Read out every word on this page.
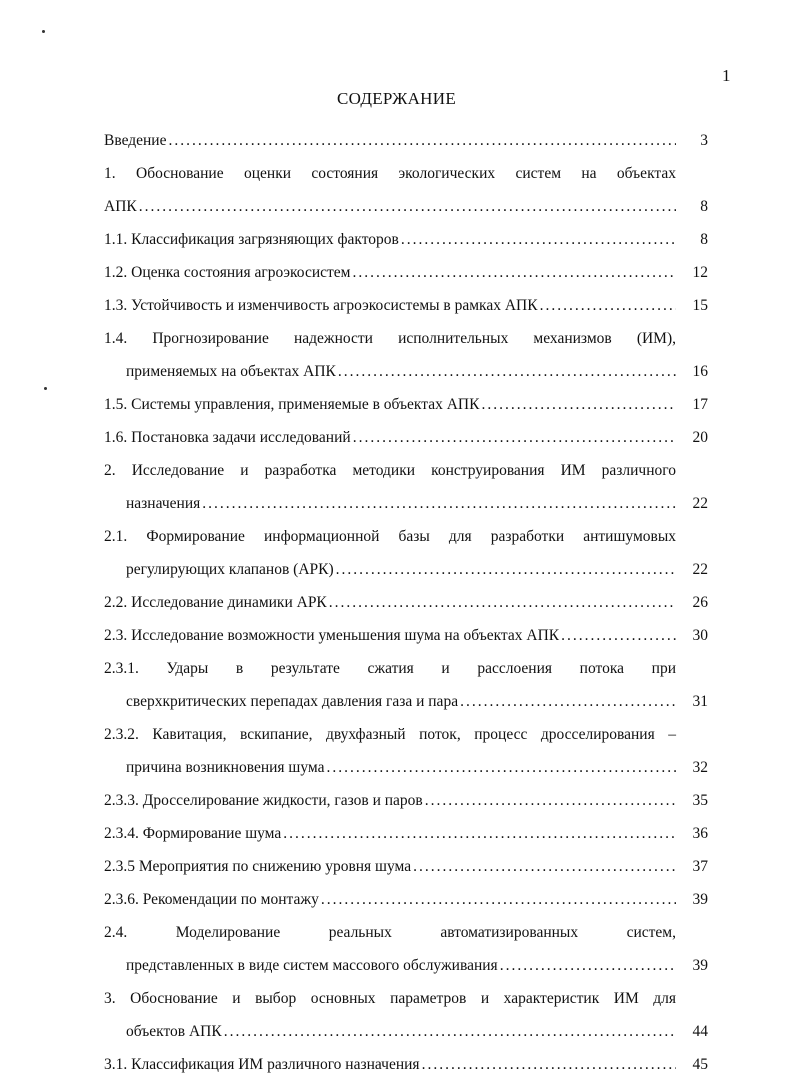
1
СОДЕРЖАНИЕ
Введение .....	3
1. Обоснование оценки состояния экологических систем на объектах
АПК .....	8
1.1. Классификация загрязняющих факторов .....	8
1.2. Оценка состояния агроэкосистем .....	12
1.3. Устойчивость и изменчивость агроэкосистемы в рамках АПК .....	15
1.4. Прогнозирование надежности исполнительных механизмов (ИМ),
применяемых на объектах АПК .....	16
1.5. Системы управления, применяемые в объектах АПК .....	17
1.6. Постановка задачи исследований .....	20
2. Исследование и разработка методики конструирования ИМ различного
назначения .....	22
2.1. Формирование информационной базы для разработки антишумовых
регулирующих клапанов (АРК) .....	22
2.2. Исследование динамики АРК .....	26
2.3. Исследование возможности уменьшения шума на объектах АПК .....	30
2.3.1. Удары в результате сжатия и расслоения потока при
сверхкритических перепадах давления газа и пара .....	31
2.3.2. Кавитация, вскипание, двухфазный поток, процесс дросселирования –
причина возникновения шума .....	32
2.3.3. Дросселирование жидкости, газов и паров .....	35
2.3.4. Формирование шума .....	36
2.3.5 Мероприятия по снижению уровня шума .....	37
2.3.6. Рекомендации по монтажу .....	39
2.4. Моделирование реальных автоматизированных систем,
представленных в виде систем массового обслуживания .....	39
3. Обоснование и выбор основных параметров и характеристик ИМ для
объектов АПК .....	44
3.1. Классификация ИМ различного назначения .....	45
